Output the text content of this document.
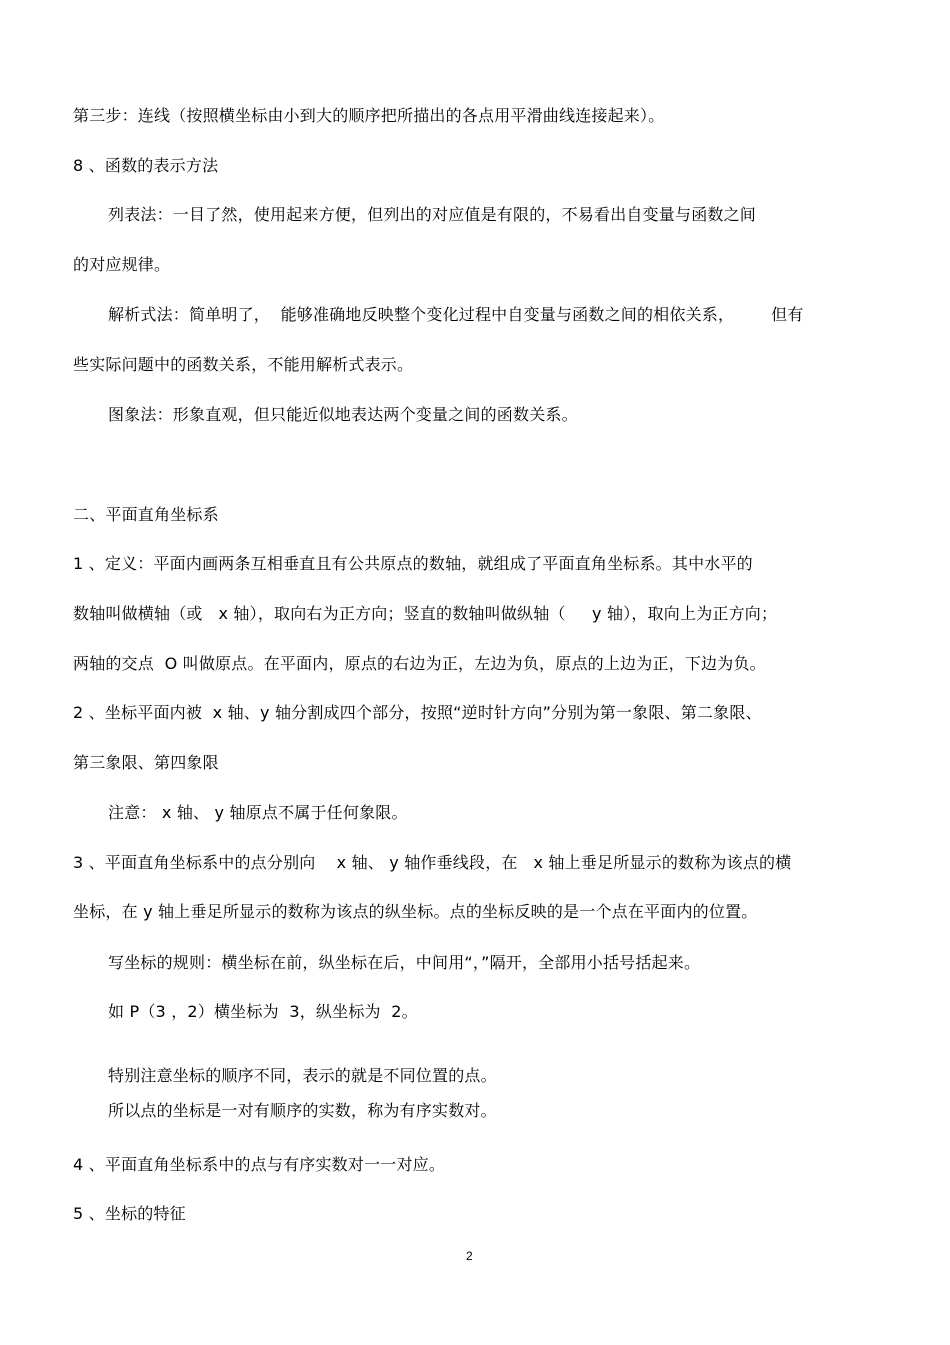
第三步：连线（按照横坐标由小到大的顺序把所描出的各点用平滑曲线连接起来）。
8 、函数的表示方法
列表法：一目了然，使用起来方便，但列出的对应值是有限的，不易看出自变量与函数之间
的对应规律。
解析式法：简单明了，  能够准确地反映整个变化过程中自变量与函数之间的相依关系，       但有
些实际问题中的函数关系，不能用解析式表示。
图象法：形象直观，但只能近似地表达两个变量之间的函数关系。
二、平面直角坐标系
1 、定义：平面内画两条互相垂直且有公共原点的数轴，就组成了平面直角坐标系。其中水平的
数轴叫做横轴（或   x 轴），取向右为正方向；竖直的数轴叫做纵轴（     y 轴），取向上为正方向；
两轴的交点  O 叫做原点。在平面内，原点的右边为正，左边为负，原点的上边为正，下边为负。
2 、坐标平面内被  x 轴、y 轴分割成四个部分，按照“逆时针方向”分别为第一象限、第二象限、
第三象限、第四象限
注意： x 轴、 y 轴原点不属于任何象限。
3 、平面直角坐标系中的点分别向    x 轴、 y 轴作垂线段，在   x 轴上垂足所显示的数称为该点的横
坐标，在 y 轴上垂足所显示的数称为该点的纵坐标。点的坐标反映的是一个点在平面内的位置。
写坐标的规则：横坐标在前，纵坐标在后，中间用“，”隔开，全部用小括号括起来。
如 P（3 ，2）横坐标为  3，纵坐标为  2。
特别注意坐标的顺序不同，表示的就是不同位置的点。
所以点的坐标是一对有顺序的实数，称为有序实数对。
4 、平面直角坐标系中的点与有序实数对一一对应。
5 、坐标的特征
2
